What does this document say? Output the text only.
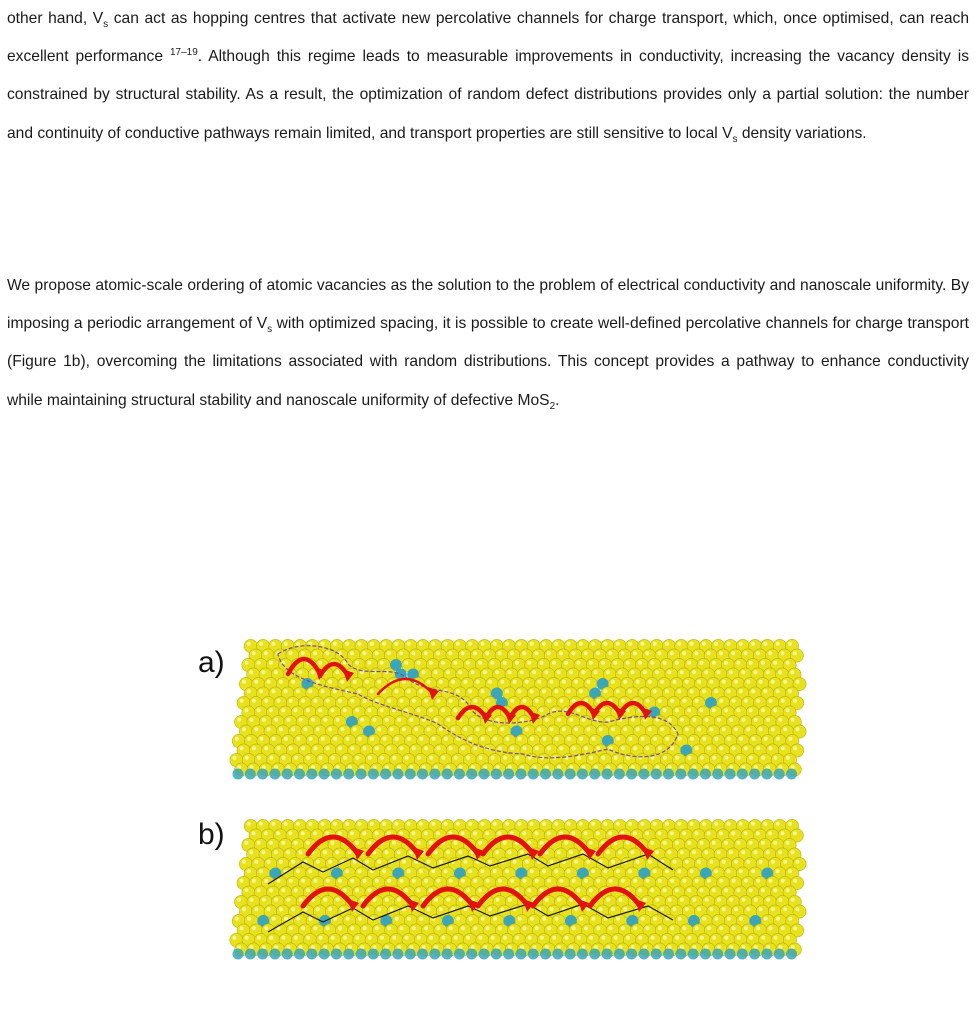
other hand, $V_s$ can act as hopping centres that activate new percolative channels for charge transport, which, once optimised, can reach excellent performance $^{17-19}$. Although this regime leads to measurable improvements in conductivity, increasing the vacancy density is constrained by structural stability. As a result, the optimization of random defect distributions provides only a partial solution: the number and continuity of conductive pathways remain limited, and transport properties are still sensitive to local $V_s$ density variations.

We propose atomic-scale ordering of atomic vacancies as the solution to the problem of electrical conductivity and nanoscale uniformity. By imposing a periodic arrangement of $V_s$ with optimized spacing, it is possible to create well-defined percolative channels for charge transport (Figure 1b), overcoming the limitations associated with random distributions. This concept provides a pathway to enhance conductivity while maintaining structural stability and nanoscale uniformity of defective MoS$_2$.

a)
b)
